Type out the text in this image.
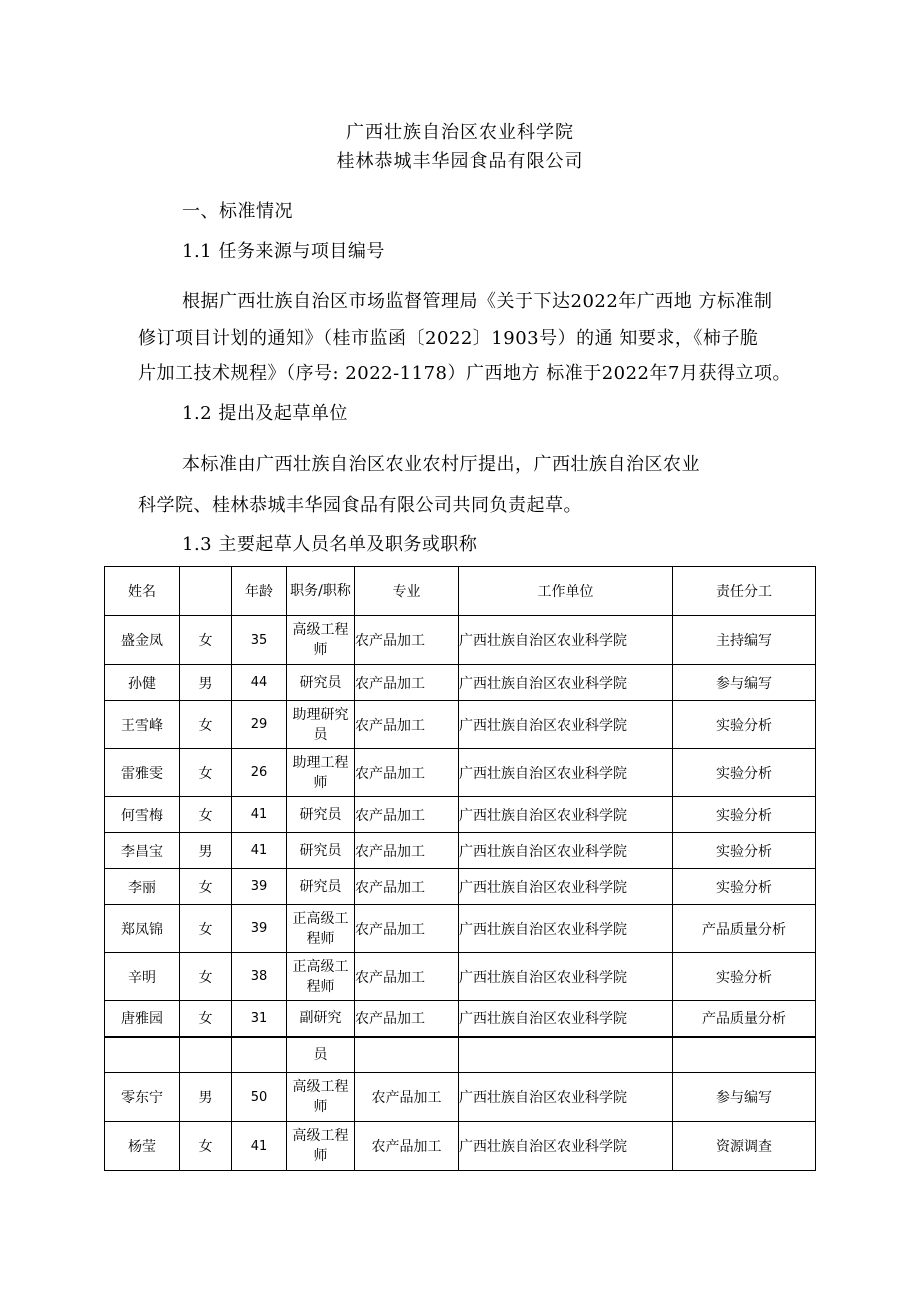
广西壮族自治区农业科学院
桂林恭城丰华园食品有限公司
一、标准情况
1.1 任务来源与项目编号
根据广西壮族自治区市场监督管理局《关于下达2022年广西地 方标准制
修订项目计划的通知》（桂市监函〔2022〕1903号）的通 知要求，《柿子脆
片加工技术规程》（序号: 2022-1178）广西地方 标准于2022年7月获得立项。
1.2 提出及起草单位
本标准由广西壮族自治区农业农村厅提出，广西壮族自治区农业
科学院、桂林恭城丰华园食品有限公司共同负责起草。
1.3 主要起草人员名单及职务或职称
姓名		年龄	职务/职称	专业	工作单位	责任分工
盛金凤	女	35	高级工程师	农产品加工	广西壮族自治区农业科学院	主持编写
孙健	男	44	研究员	农产品加工	广西壮族自治区农业科学院	参与编写
王雪峰	女	29	助理研究员	农产品加工	广西壮族自治区农业科学院	实验分析
雷雅雯	女	26	助理工程师	农产品加工	广西壮族自治区农业科学院	实验分析
何雪梅	女	41	研究员	农产品加工	广西壮族自治区农业科学院	实验分析
李昌宝	男	41	研究员	农产品加工	广西壮族自治区农业科学院	实验分析
李丽	女	39	研究员	农产品加工	广西壮族自治区农业科学院	实验分析
郑凤锦	女	39	正高级工程师	农产品加工	广西壮族自治区农业科学院	产品质量分析
辛明	女	38	正高级工程师	农产品加工	广西壮族自治区农业科学院	实验分析
唐雅园	女	31	副研究	农产品加工	广西壮族自治区农业科学院	产品质量分析
			员			
零东宁	男	50	高级工程师	农产品加工	广西壮族自治区农业科学院	参与编写
杨莹	女	41	高级工程师	农产品加工	广西壮族自治区农业科学院	资源调查
